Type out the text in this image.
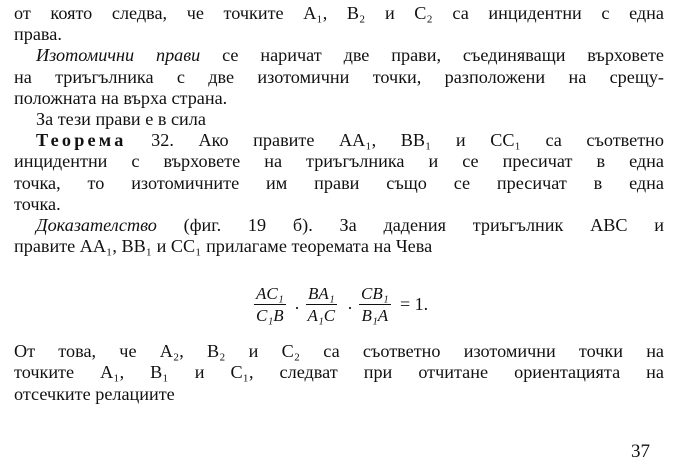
от която следва, че точките A₁, B₂ и C₂ са инцидентни с една
права.
Изотомични прави се наричат две прави, съединяващи върховете
на триъгълника с две изотомични точки, разположени на срещу-
положната на върха страна.
За тези прави е в сила
Теорема 32. Ако правите AA₁, BB₁ и CC₁ са съответно
инцидентни с върховете на триъгълника и се пресичат в една
точка, то изотомичните им прави също се пресичат в една
точка.
Доказателство (фиг. 19 б). За дадения триъгълник ABC и
правите AA₁, BB₁ и CC₁ прилагаме теоремата на Чева
$\frac{\text{AC₁}}{\text{C₁B}} \cdot \frac{\text{BA₁}}{\text{A₁C}} \cdot \frac{\text{CB₁}}{\text{B₁A}} = 1$.
От това, че A₂, B₂ и C₂ са съответно изотомични точки на
точките A₁, B₁ и C₁, следват при отчитане ориентацията на
отсечките релациите
37
